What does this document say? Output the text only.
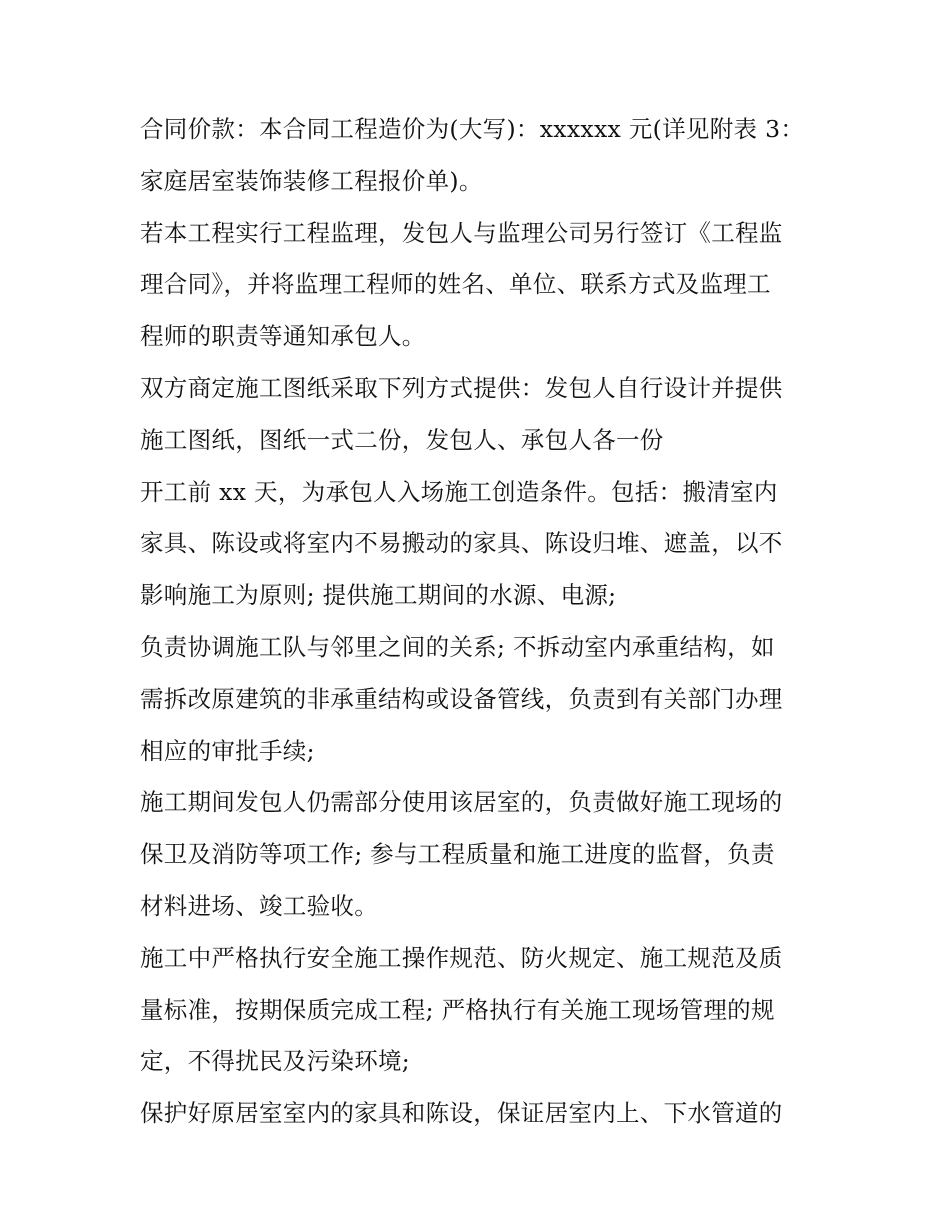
合同价款：本合同工程造价为(大写)：xxxxxx 元(详见附表 3：
家庭居室装饰装修工程报价单)。
若本工程实行工程监理，发包人与监理公司另行签订《工程监
理合同》，并将监理工程师的姓名、单位、联系方式及监理工
程师的职责等通知承包人。
双方商定施工图纸采取下列方式提供：发包人自行设计并提供
施工图纸，图纸一式二份，发包人、承包人各一份
开工前 xx 天，为承包人入场施工创造条件。包括：搬清室内
家具、陈设或将室内不易搬动的家具、陈设归堆、遮盖，以不
影响施工为原则; 提供施工期间的水源、电源;
负责协调施工队与邻里之间的关系; 不拆动室内承重结构，如
需拆改原建筑的非承重结构或设备管线，负责到有关部门办理
相应的审批手续;
施工期间发包人仍需部分使用该居室的，负责做好施工现场的
保卫及消防等项工作; 参与工程质量和施工进度的监督，负责
材料进场、竣工验收。
施工中严格执行安全施工操作规范、防火规定、施工规范及质
量标准，按期保质完成工程; 严格执行有关施工现场管理的规
定，不得扰民及污染环境;
保护好原居室室内的家具和陈设，保证居室内上、下水管道的
